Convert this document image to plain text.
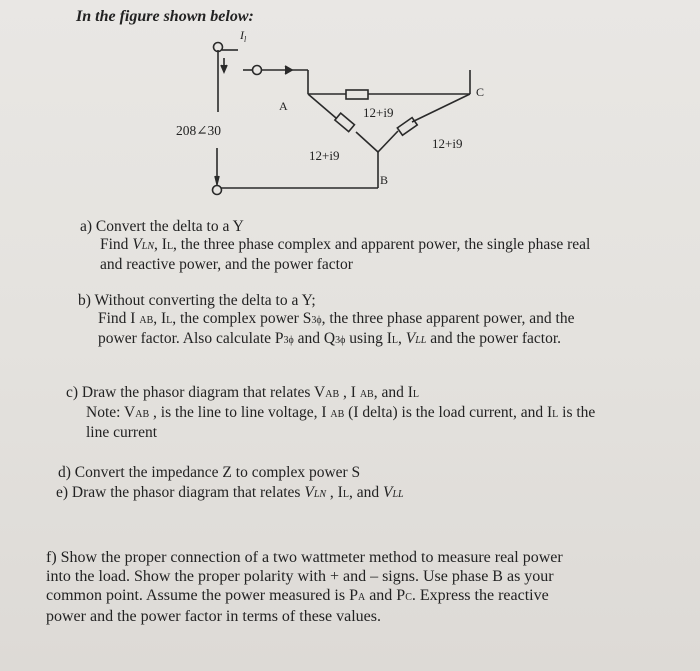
In the figure shown below:
$I_l$
208∠30
A
C
B
12+i9
12+i9
12+i9
a) Convert the delta to a Y
Find VLN, IL, the three phase complex and apparent power, the single phase real
and reactive power, and the power factor
b) Without converting the delta to a Y;
Find I AB, IL, the complex power S3ϕ, the three phase apparent power, and the
power factor. Also calculate P3ϕ and Q3ϕ using IL, VLL and the power factor.
c) Draw the phasor diagram that relates VAB , I AB, and IL
Note: VAB , is the line to line voltage, I AB (I delta) is the load current, and IL is the
line current
d) Convert the impedance Z to complex power S
e) Draw the phasor diagram that relates VLN , IL, and VLL
f) Show the proper connection of a two wattmeter method to measure real power
into the load. Show the proper polarity with + and – signs. Use phase B as your
common point. Assume the power measured is PA and PC. Express the reactive
power and the power factor in terms of these values.
